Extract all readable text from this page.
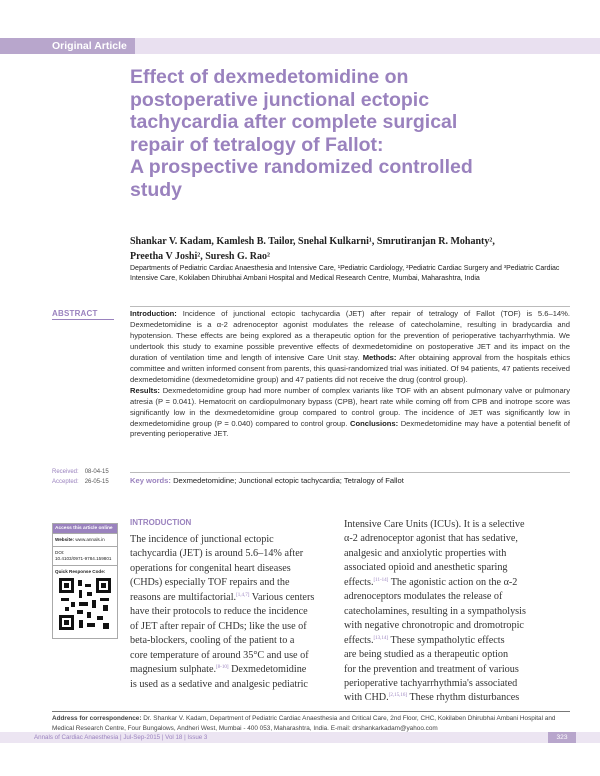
Original Article
Effect of dexmedetomidine on
postoperative junctional ectopic
tachycardia after complete surgical
repair of tetralogy of Fallot:
A prospective randomized controlled
study
Shankar V. Kadam, Kamlesh B. Tailor, Snehal Kulkarni¹, Smrutiranjan R. Mohanty²,
Preetha V Joshi², Suresh G. Rao²
Departments of Pediatric Cardiac Anaesthesia and Intensive Care, ¹Pediatric Cardiology, ²Pediatric Cardiac Surgery and ³Pediatric Cardiac Intensive Care, Kokilaben Dhirubhai Ambani Hospital and Medical Research Centre, Mumbai, Maharashtra, India
ABSTRACT	Introduction: Incidence of junctional ectopic tachycardia (JET) after repair of tetralogy of Fallot (TOF) is 5.6–14%. Dexmedetomidine is a α-2 adrenoceptor agonist modulates the release of catecholamine, resulting in bradycardia and hypotension. These effects are being explored as a therapeutic option for the prevention of perioperative tachyarrhythmia. We undertook this study to examine possible preventive effects of dexmedetomidine on postoperative JET and its impact on the duration of ventilation time and length of intensive Care Unit stay. Methods: After obtaining approval from the hospitals ethics committee and written informed consent from parents, this quasi-randomized trial was initiated. Of 94 patients, 47 patients received dexmedetomidine (dexmedetomidine group) and 47 patients did not receive the drug (control group).
Results: Dexmedetomidine group had more number of complex variants like TOF with an absent pulmonary valve or pulmonary atresia (P = 0.041). Hematocrit on cardiopulmonary bypass (CPB), heart rate while coming off from CPB and inotrope score was significantly low in the dexmedetomidine group compared to control group. The incidence of JET was significantly low in dexmedetomidine group (P = 0.040) compared to control group. Conclusions: Dexmedetomidine may have a potential benefit of preventing perioperative JET.
Received: 08-04-15
Accepted: 26-05-15	Key words: Dexmedetomidine; Junctional ectopic tachycardia; Tetralogy of Fallot
Access this article online
Website: www.annals.in
DOI:
10.4103/0971-9784.159801
Quick Response Code:
INTRODUCTION
The incidence of junctional ectopic
tachycardia (JET) is around 5.6–14% after
operations for congenital heart diseases
(CHDs) especially TOF repairs and the
reasons are multifactorial.[1,4,7] Various centers
have their protocols to reduce the incidence
of JET after repair of CHDs; like the use of
beta-blockers, cooling of the patient to a
core temperature of around 35°C and use of
magnesium sulphate.[8-10] Dexmedetomidine
is used as a sedative and analgesic pediatric
Intensive Care Units (ICUs). It is a selective
α-2 adrenoceptor agonist that has sedative,
analgesic and anxiolytic properties with
associated opioid and anesthetic sparing
effects.[11-14] The agonistic action on the α-2
adrenoceptors modulates the release of
catecholamines, resulting in a sympatholysis
with negative chronotropic and dromotropic
effects.[13,14] These sympatholytic effects
are being studied as a therapeutic option
for the prevention and treatment of various
perioperative tachyarrhythmia's associated
with CHD.[2,15,16] These rhythm disturbances
Address for correspondence: Dr. Shankar V. Kadam, Department of Pediatric Cardiac Anaesthesia and Critical Care, 2nd Floor, CHC, Kokilaben Dhirubhai Ambani Hospital and Medical Research Centre, Four Bungalows, Andheri West, Mumbai - 400 053, Maharashtra, India. E-mail: drshankarkadam@yahoo.com
Annals of Cardiac Anaesthesia | Jul-Sep-2015 | Vol 18 | Issue 3	323
